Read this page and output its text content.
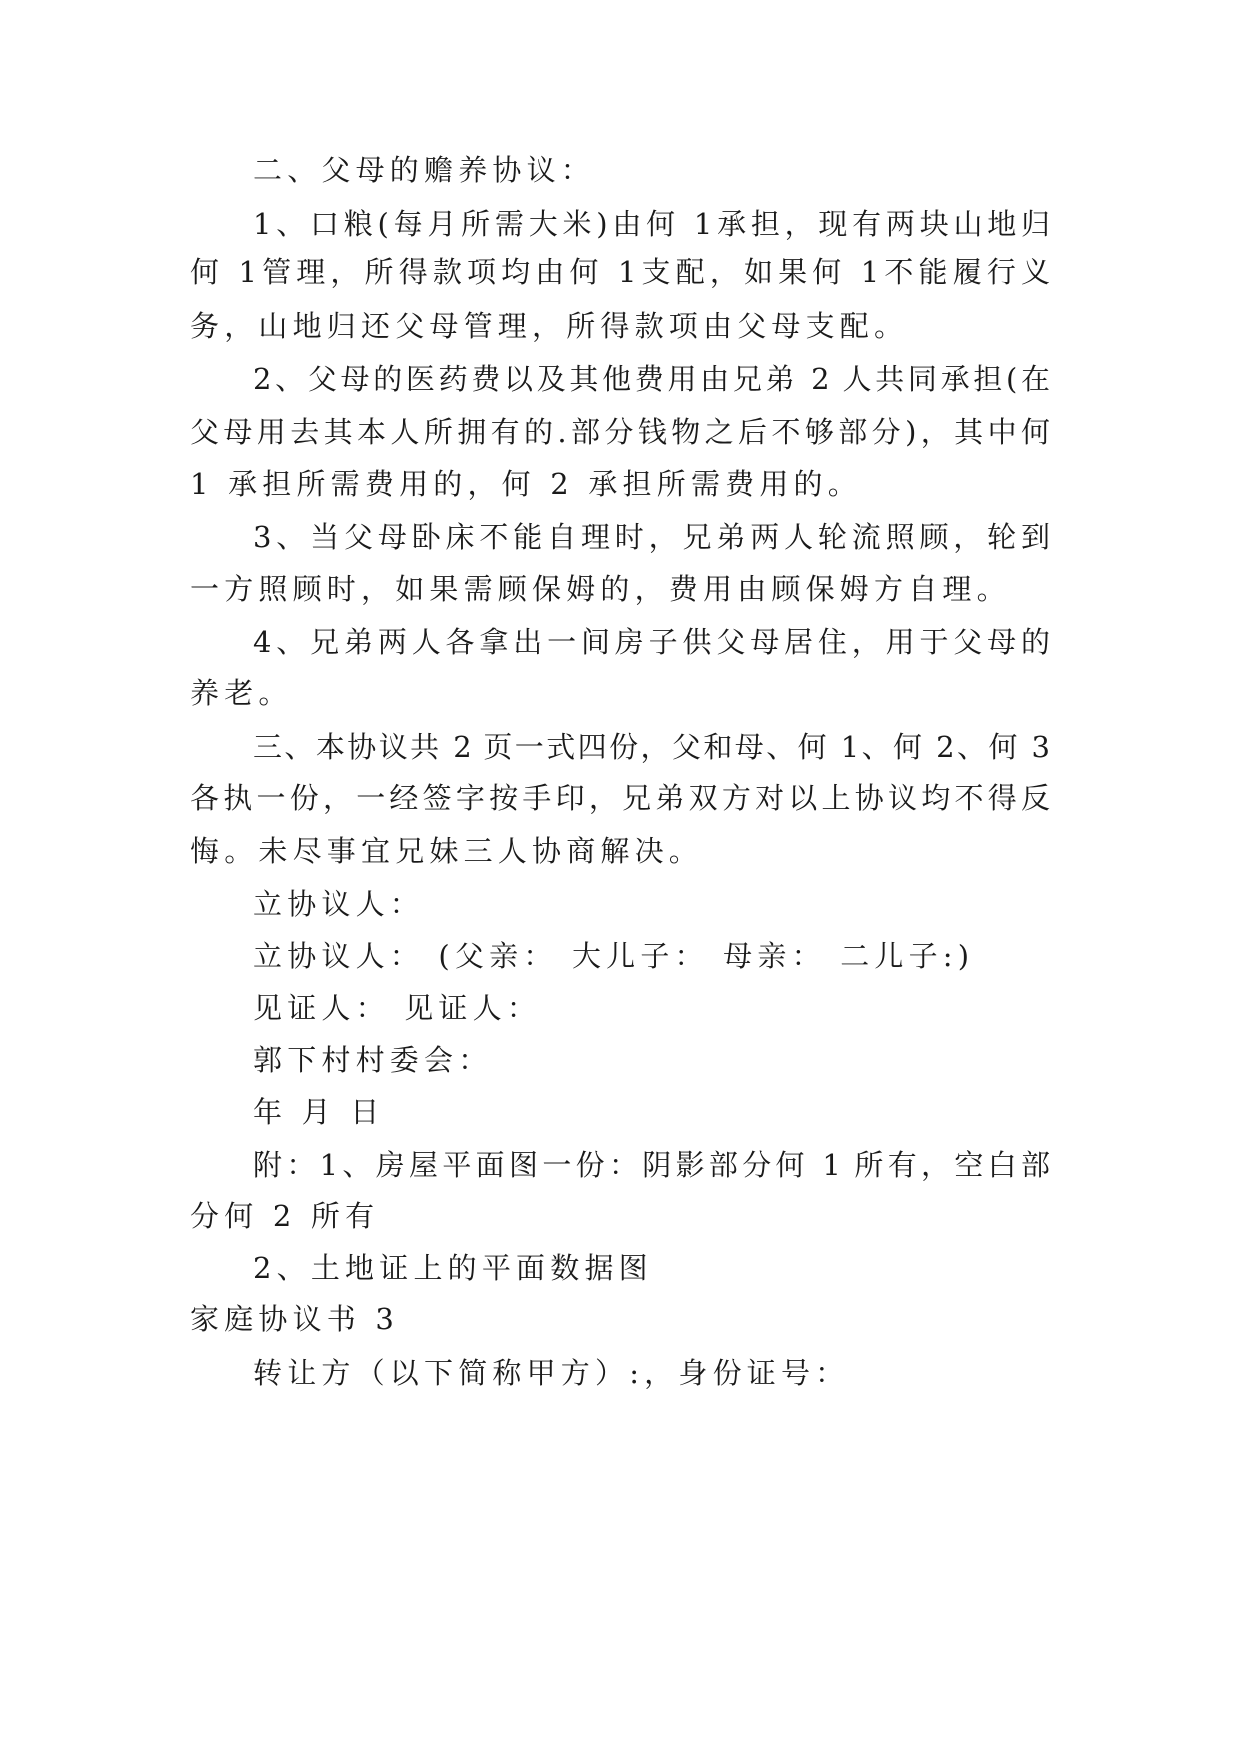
二、父母的赡养协议：

1、口粮(每月所需大米)由何 1承担，现有两块山地归

何 1管理，所得款项均由何 1支配，如果何 1不能履行义

务，山地归还父母管理，所得款项由父母支配。

2、父母的医药费以及其他费用由兄弟 2 人共同承担(在

父母用去其本人所拥有的.部分钱物之后不够部分)，其中何

1 承担所需费用的，何 2 承担所需费用的。

3、当父母卧床不能自理时，兄弟两人轮流照顾，轮到

一方照顾时，如果需顾保姆的，费用由顾保姆方自理。

4、兄弟两人各拿出一间房子供父母居住，用于父母的

养老。

三、本协议共 2 页一式四份，父和母、何 1、何 2、何 3

各执一份，一经签字按手印，兄弟双方对以上协议均不得反

悔。未尽事宜兄妹三人协商解决。

立协议人：

立协议人： (父亲： 大儿子： 母亲： 二儿子:)

见证人： 见证人：

郭下村村委会：

年 月 日

附：1、房屋平面图一份：阴影部分何 1 所有，空白部

分何 2 所有

2、土地证上的平面数据图

家庭协议书 3

转让方（以下简称甲方）:，身份证号：
